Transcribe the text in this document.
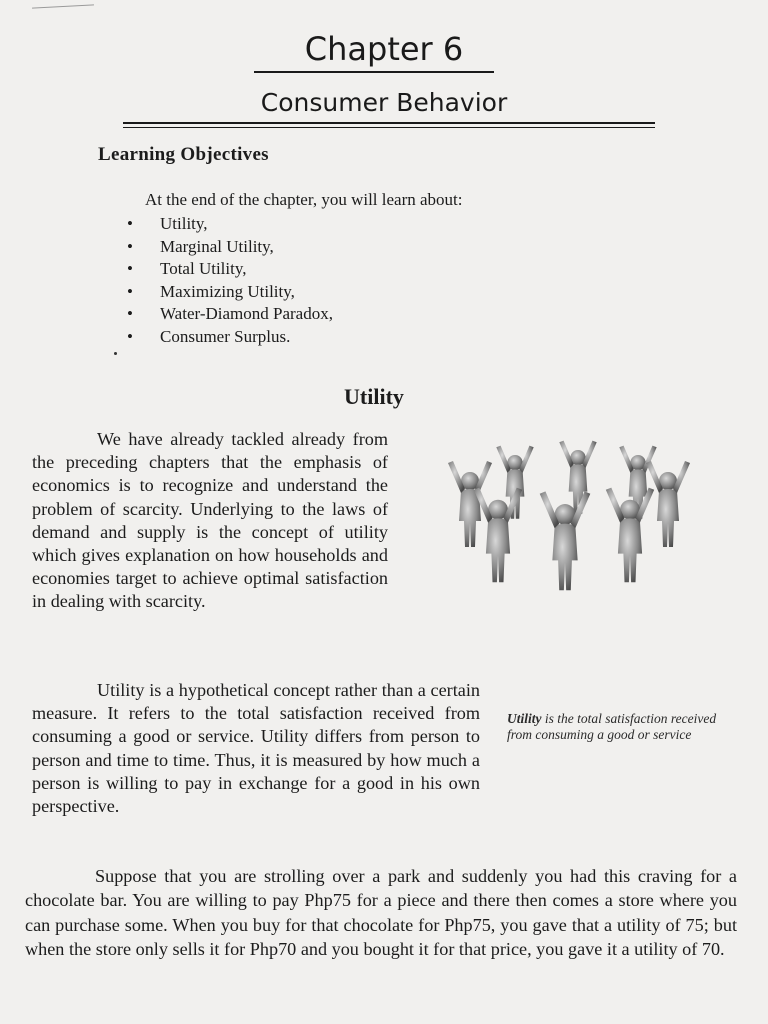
Chapter 6
Consumer Behavior
Learning Objectives
At the end of the chapter, you will learn about:
• Utility,
• Marginal Utility,
• Total Utility,
• Maximizing Utility,
• Water-Diamond Paradox,
• Consumer Surplus.
Utility

We have already tackled already from the preceding chapters that the emphasis of economics is to recognize and understand the problem of scarcity. Underlying to the laws of demand and supply is the concept of utility which gives explanation on how households and economies target to achieve optimal satisfaction in dealing with scarcity.

Utility is a hypothetical concept rather than a certain measure. It refers to the total satisfaction received from consuming a good or service. Utility differs from person to person and time to time. Thus, it is measured by how much a person is willing to pay in exchange for a good in his own perspective.

Utility is the total satisfaction received from consuming a good or service

Suppose that you are strolling over a park and suddenly you had this craving for a chocolate bar. You are willing to pay Php75 for a piece and there then comes a store where you can purchase some. When you buy for that chocolate for Php75, you gave that a utility of 75; but when the store only sells it for Php70 and you bought it for that price, you gave it a utility of 70.
